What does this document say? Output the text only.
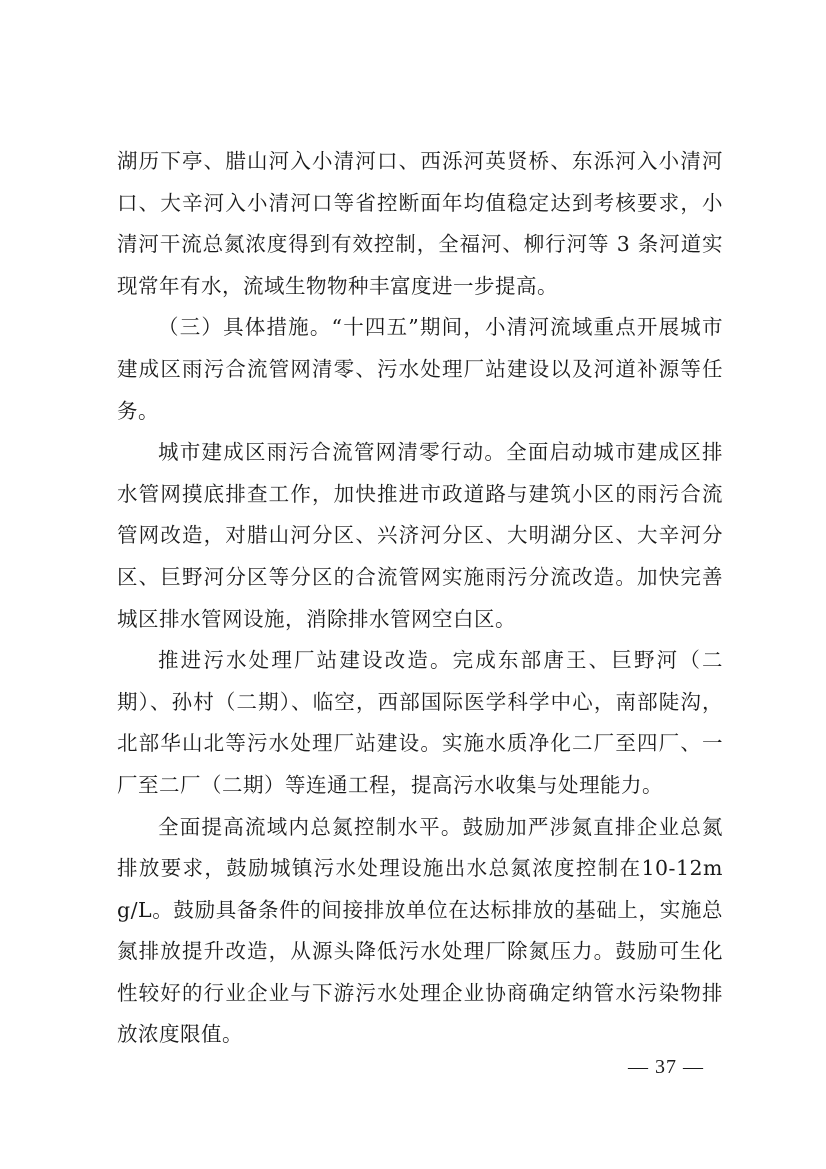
湖历下亭、腊山河入小清河口、西泺河英贤桥、东泺河入小清河口、大辛河入小清河口等省控断面年均值稳定达到考核要求，小清河干流总氮浓度得到有效控制，全福河、柳行河等 3 条河道实现常年有水，流域生物物种丰富度进一步提高。

（三）具体措施。“十四五”期间，小清河流域重点开展城市建成区雨污合流管网清零、污水处理厂站建设以及河道补源等任务。

城市建成区雨污合流管网清零行动。全面启动城市建成区排水管网摸底排查工作，加快推进市政道路与建筑小区的雨污合流管网改造，对腊山河分区、兴济河分区、大明湖分区、大辛河分区、巨野河分区等分区的合流管网实施雨污分流改造。加快完善城区排水管网设施，消除排水管网空白区。

推进污水处理厂站建设改造。完成东部唐王、巨野河（二期）、孙村（二期）、临空，西部国际医学科学中心，南部陡沟，北部华山北等污水处理厂站建设。实施水质净化二厂至四厂、一厂至二厂（二期）等连通工程，提高污水收集与处理能力。

全面提高流域内总氮控制水平。鼓励加严涉氮直排企业总氮排放要求，鼓励城镇污水处理设施出水总氮浓度控制在10-12mg/L。鼓励具备条件的间接排放单位在达标排放的基础上，实施总氮排放提升改造，从源头降低污水处理厂除氮压力。鼓励可生化性较好的行业企业与下游污水处理企业协商确定纳管水污染物排放浓度限值。

— 37 —
